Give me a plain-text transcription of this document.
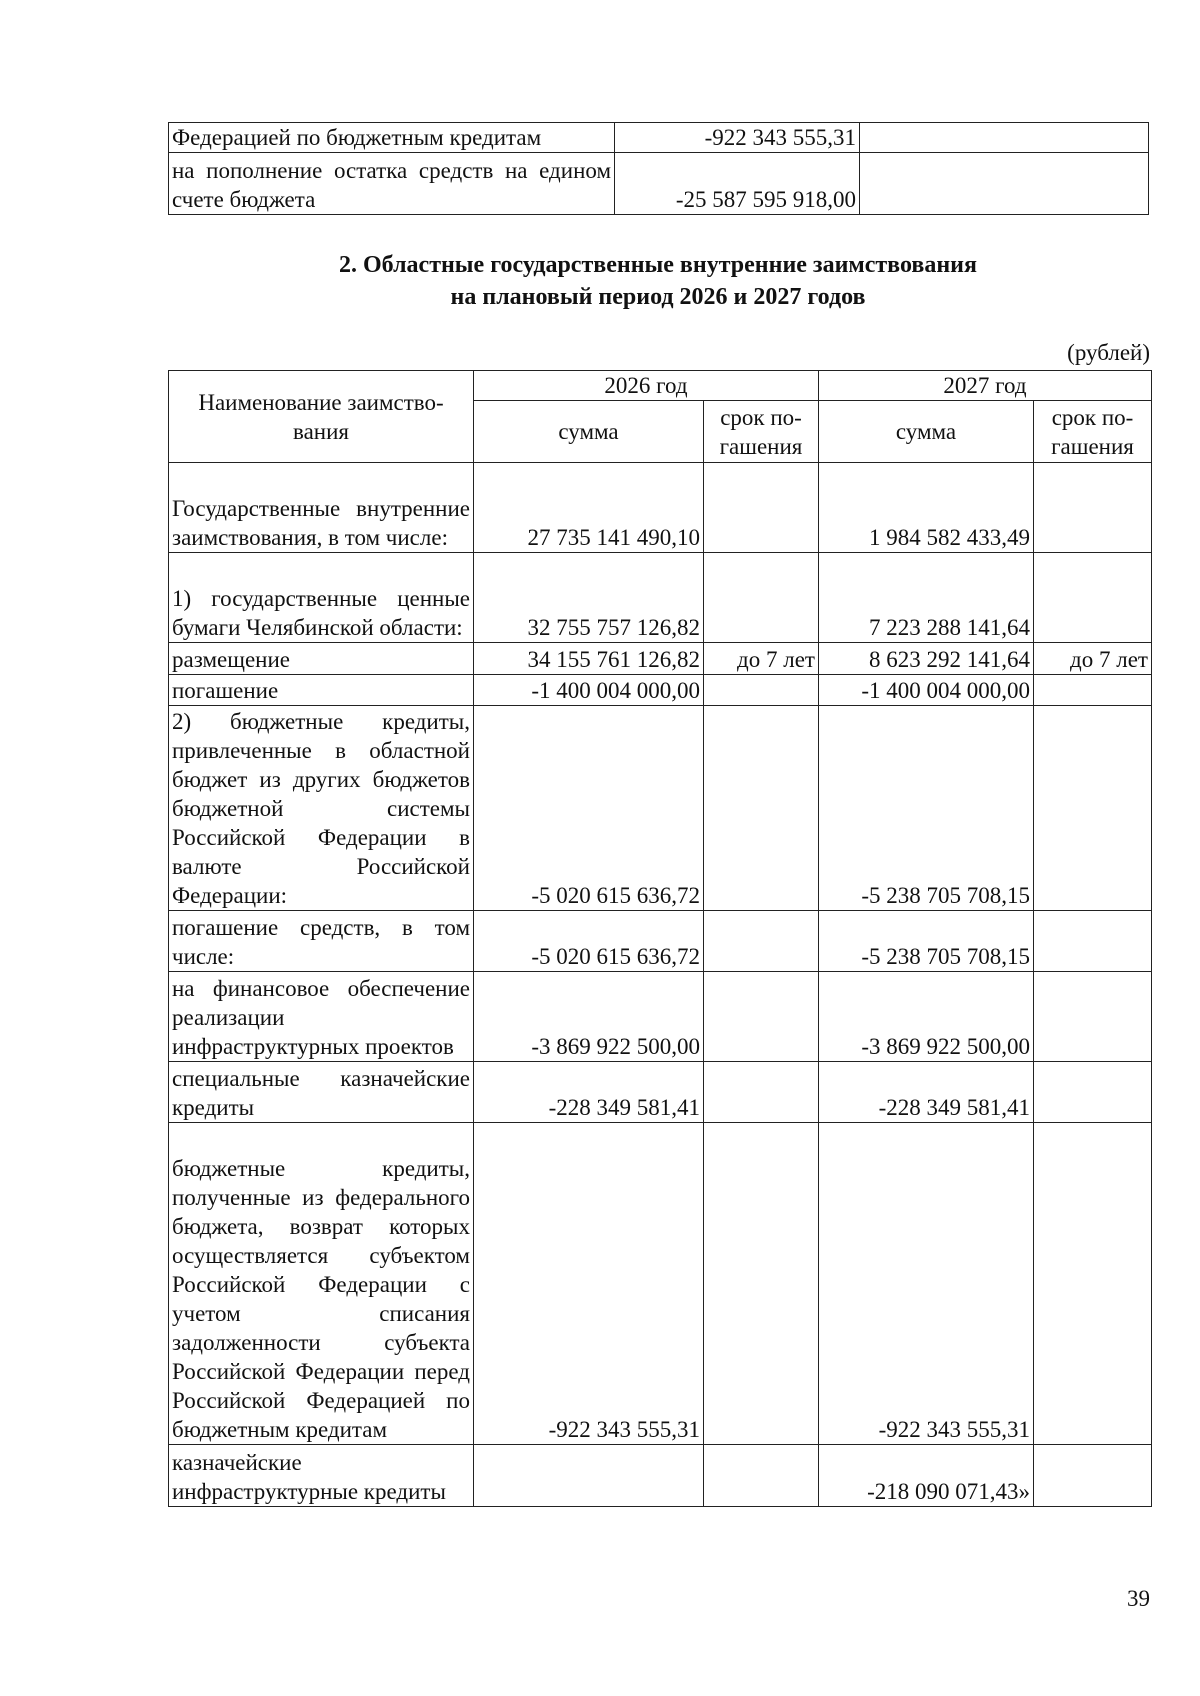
Федерацией по бюджетным кредитам	-922 343 555,31	
на пополнение остатка средств на едином счете бюджета	-25 587 595 918,00	
2. Областные государственные внутренние заимствования
на плановый период 2026 и 2027 годов
(рублей)
Наименование заимство-вания	2026 год		2027 год	
	сумма	срок по-гашения	сумма	срок по-гашения
Государственные внутренние заимствования, в том числе:	27 735 141 490,10		1 984 582 433,49	
1) государственные ценные бумаги Челябинской области:	32 755 757 126,82		7 223 288 141,64	
размещение	34 155 761 126,82	до 7 лет	8 623 292 141,64	до 7 лет
погашение	-1 400 004 000,00		-1 400 004 000,00	
2) бюджетные кредиты, привлеченные в областной бюджет из других бюджетов бюджетной системы Российской Федерации в валюте Российской Федерации:	-5 020 615 636,72		-5 238 705 708,15	
погашение средств, в том числе:	-5 020 615 636,72		-5 238 705 708,15	
на финансовое обеспечение реализации инфраструктурных проектов	-3 869 922 500,00		-3 869 922 500,00	
специальные казначейские кредиты	-228 349 581,41		-228 349 581,41	
бюджетные кредиты, полученные из федерального бюджета, возврат которых осуществляется субъектом Российской Федерации с учетом списания задолженности субъекта Российской Федерации перед Российской Федерацией по бюджетным кредитам	-922 343 555,31		-922 343 555,31	
казначейские инфраструктурные кредиты			-218 090 071,43»	
39
